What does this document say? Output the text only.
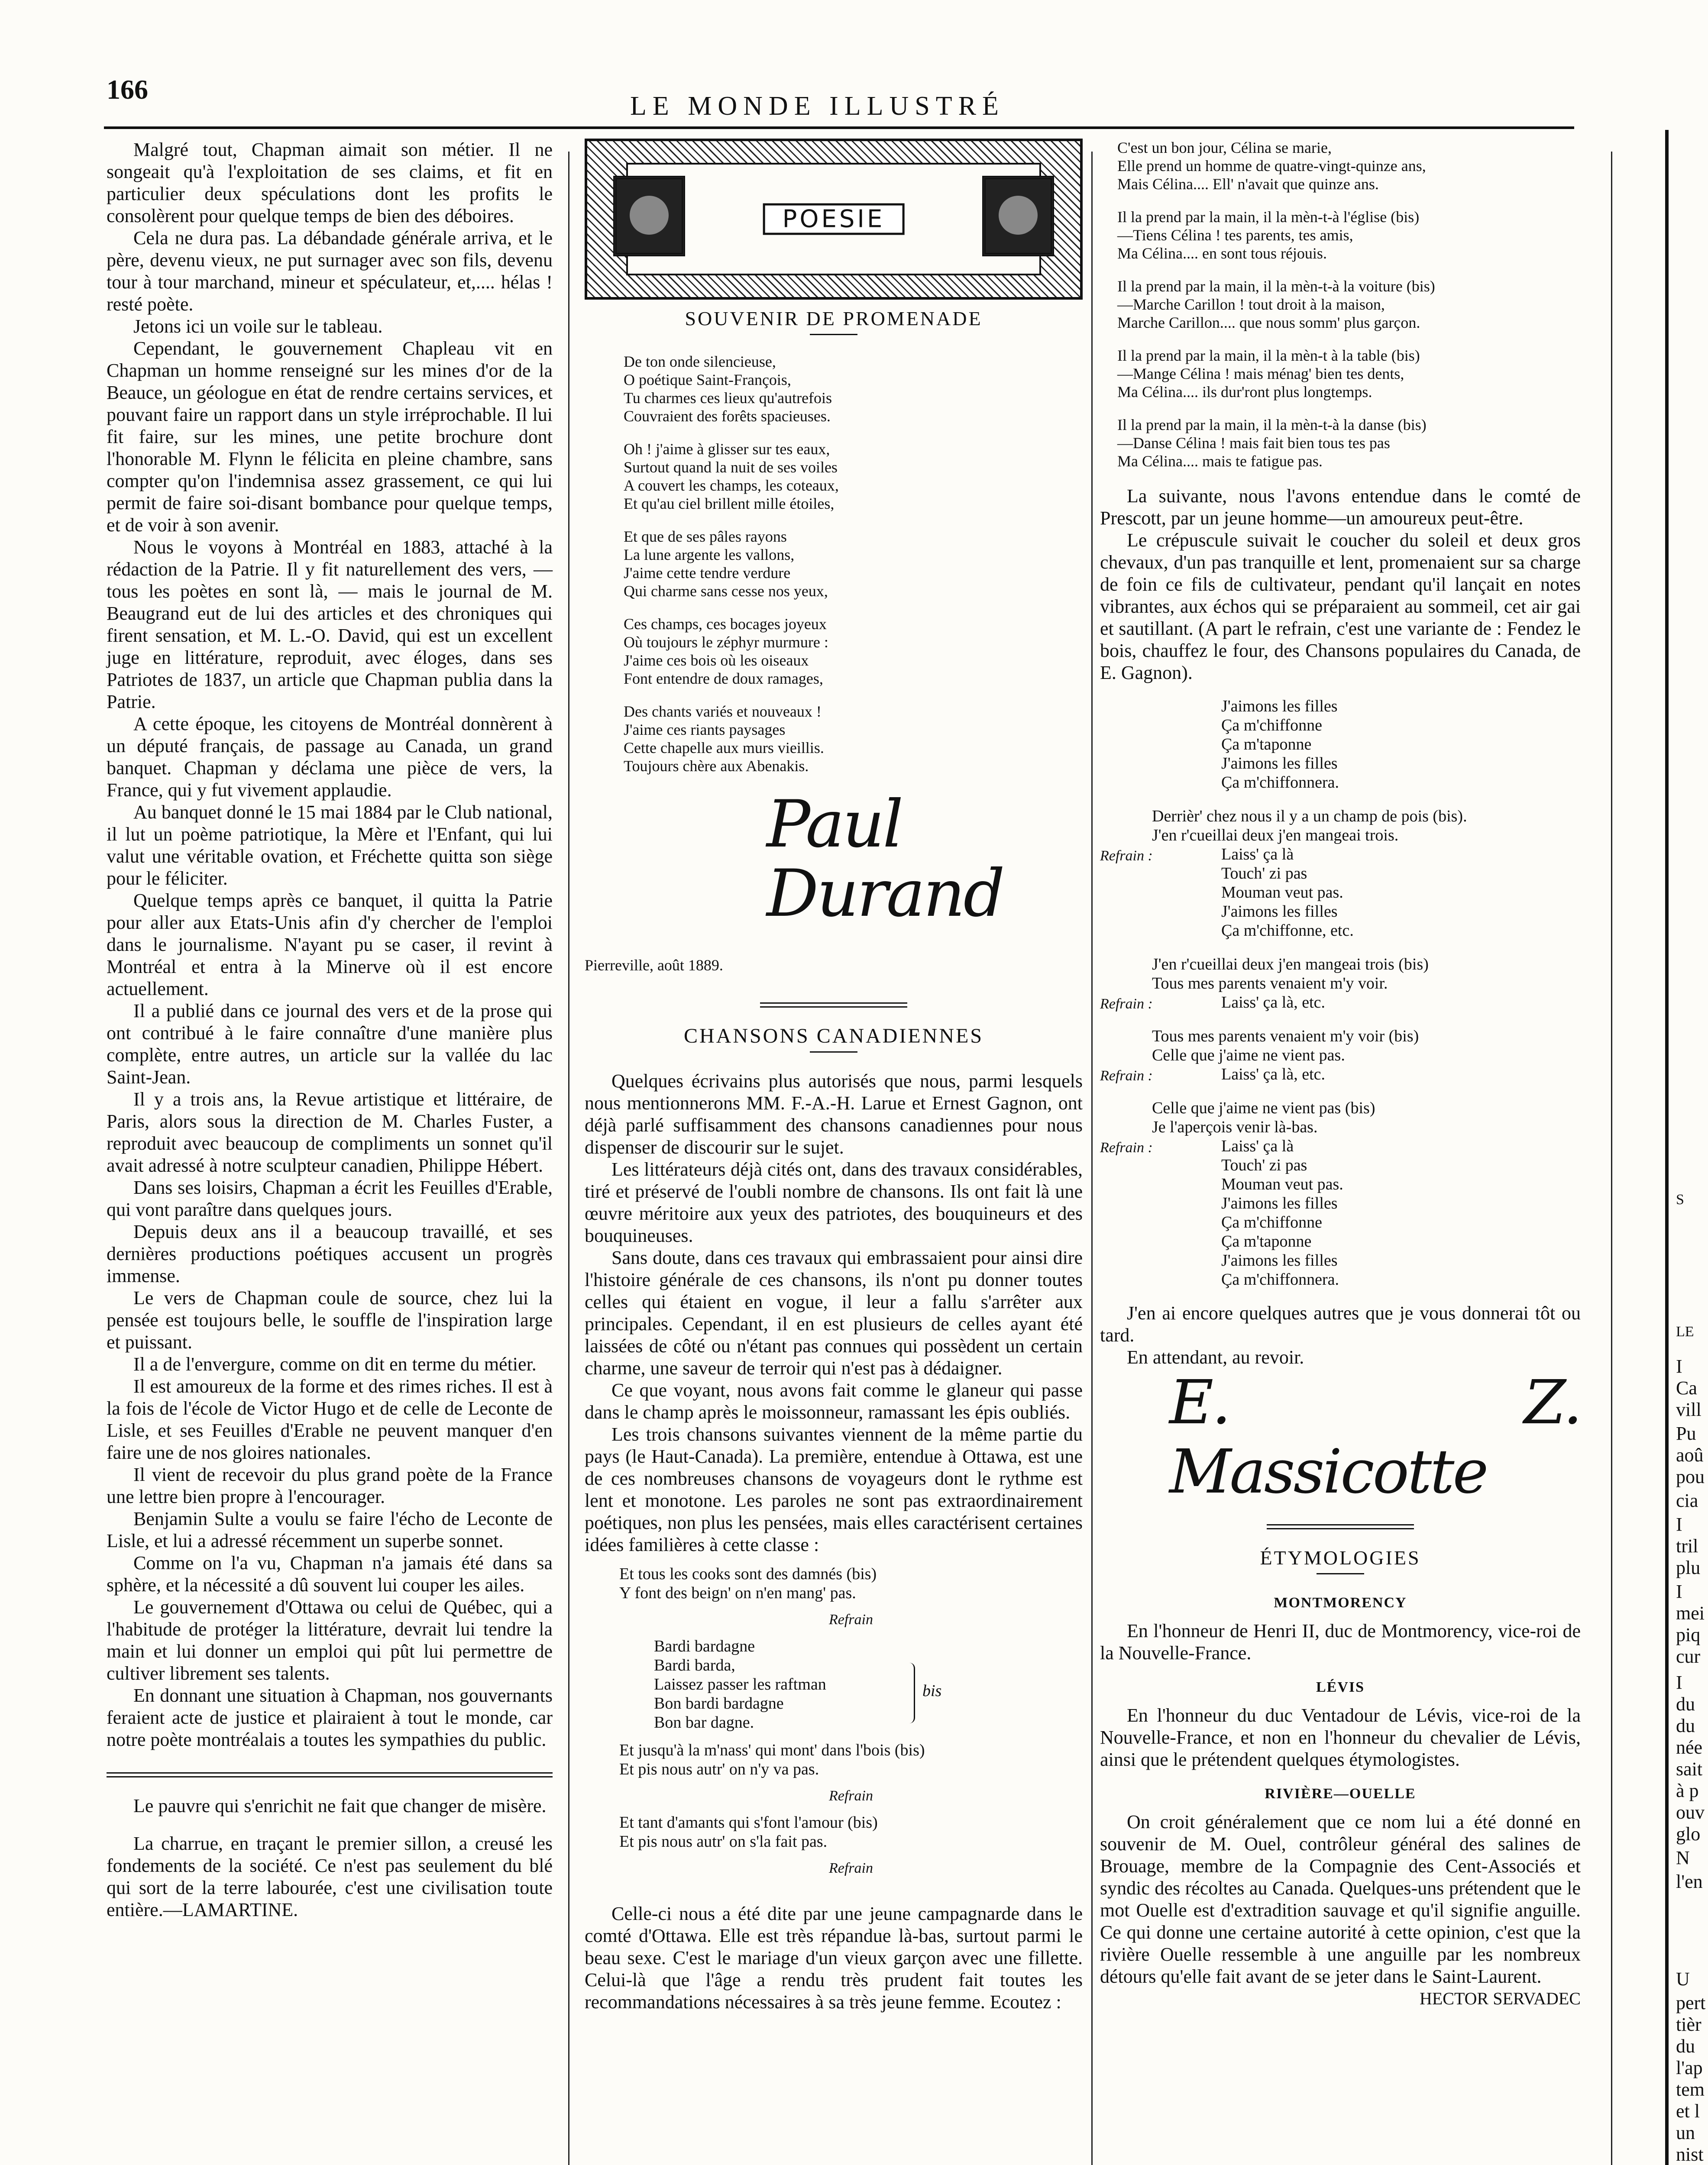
166
LE MONDE ILLUSTRÉ

Malgré tout, Chapman aimait son métier. Il ne songeait qu'à l'exploitation de ses claims, et fit en particulier deux spéculations dont les profits le consolèrent pour quelque temps de bien des déboires.

Cela ne dura pas. La débandade générale arriva, et le père, devenu vieux, ne put surnager avec son fils, devenu tour à tour marchand, mineur et spéculateur, et,.... hélas ! resté poète.

Jetons ici un voile sur le tableau.

Cependant, le gouvernement Chapleau vit en Chapman un homme renseigné sur les mines d'or de la Beauce, un géologue en état de rendre certains services, et pouvant faire un rapport dans un style irréprochable. Il lui fit faire, sur les mines, une petite brochure dont l'honorable M. Flynn le félicita en pleine chambre, sans compter qu'on l'indemnisa assez grassement, ce qui lui permit de faire soi-disant bombance pour quelque temps, et de voir à son avenir.

Nous le voyons à Montréal en 1883, attaché à la rédaction de la Patrie. Il y fit naturellement des vers, — tous les poètes en sont là, — mais le journal de M. Beaugrand eut de lui des articles et des chroniques qui firent sensation, et M. L.-O. David, qui est un excellent juge en littérature, reproduit, avec éloges, dans ses Patriotes de 1837, un article que Chapman publia dans la Patrie.

A cette époque, les citoyens de Montréal donnèrent à un député français, de passage au Canada, un grand banquet. Chapman y déclama une pièce de vers, la France, qui y fut vivement applaudie.

Au banquet donné le 15 mai 1884 par le Club national, il lut un poème patriotique, la Mère et l'Enfant, qui lui valut une véritable ovation, et Fréchette quitta son siège pour le féliciter.

Quelque temps après ce banquet, il quitta la Patrie pour aller aux Etats-Unis afin d'y chercher de l'emploi dans le journalisme. N'ayant pu se caser, il revint à Montréal et entra à la Minerve où il est encore actuellement.

Il a publié dans ce journal des vers et de la prose qui ont contribué à le faire connaître d'une manière plus complète, entre autres, un article sur la vallée du lac Saint-Jean.

Il y a trois ans, la Revue artistique et littéraire, de Paris, alors sous la direction de M. Charles Fuster, a reproduit avec beaucoup de compliments un sonnet qu'il avait adressé à notre sculpteur canadien, Philippe Hébert.

Dans ses loisirs, Chapman a écrit les Feuilles d'Erable, qui vont paraître dans quelques jours.

Depuis deux ans il a beaucoup travaillé, et ses dernières productions poétiques accusent un progrès immense.

Le vers de Chapman coule de source, chez lui la pensée est toujours belle, le souffle de l'inspiration large et puissant.

Il a de l'envergure, comme on dit en terme du métier.

Il est amoureux de la forme et des rimes riches. Il est à la fois de l'école de Victor Hugo et de celle de Leconte de Lisle, et ses Feuilles d'Erable ne peuvent manquer d'en faire une de nos gloires nationales.

Il vient de recevoir du plus grand poète de la France une lettre bien propre à l'encourager.

Benjamin Sulte a voulu se faire l'écho de Leconte de Lisle, et lui a adressé récemment un superbe sonnet.

Comme on l'a vu, Chapman n'a jamais été dans sa sphère, et la nécessité a dû souvent lui couper les ailes.

Le gouvernement d'Ottawa ou celui de Québec, qui a l'habitude de protéger la littérature, devrait lui tendre la main et lui donner un emploi qui pût lui permettre de cultiver librement ses talents.

En donnant une situation à Chapman, nos gouvernants feraient acte de justice et plairaient à tout le monde, car notre poète montréalais a toutes les sympathies du public.

Le pauvre qui s'enrichit ne fait que changer de misère.

La charrue, en traçant le premier sillon, a creusé les fondements de la société. Ce n'est pas seulement du blé qui sort de la terre labourée, c'est une civilisation toute entière.—LAMARTINE.

POESIE
SOUVENIR DE PROMENADE
De ton onde silencieuse,
O poétique Saint-François,
Tu charmes ces lieux qu'autrefois
Couvraient des forêts spacieuses.
Oh ! j'aime à glisser sur tes eaux,
Surtout quand la nuit de ses voiles
A couvert les champs, les coteaux,
Et qu'au ciel brillent mille étoiles,
Et que de ses pâles rayons
La lune argente les vallons,
J'aime cette tendre verdure
Qui charme sans cesse nos yeux,
Ces champs, ces bocages joyeux
Où toujours le zéphyr murmure :
J'aime ces bois où les oiseaux
Font entendre de doux ramages,
Des chants variés et nouveaux !
J'aime ces riants paysages
Cette chapelle aux murs vieillis.
Toujours chère aux Abenakis.
Paul Durand
Pierreville, août 1889.
CHANSONS CANADIENNES

Quelques écrivains plus autorisés que nous, parmi lesquels nous mentionnerons MM. F.-A.-H. Larue et Ernest Gagnon, ont déjà parlé suffisamment des chansons canadiennes pour nous dispenser de discourir sur le sujet.

Les littérateurs déjà cités ont, dans des travaux considérables, tiré et préservé de l'oubli nombre de chansons. Ils ont fait là une œuvre méritoire aux yeux des patriotes, des bouquineurs et des bouquineuses.

Sans doute, dans ces travaux qui embrassaient pour ainsi dire l'histoire générale de ces chansons, ils n'ont pu donner toutes celles qui étaient en vogue, il leur a fallu s'arrêter aux principales. Cependant, il en est plusieurs de celles ayant été laissées de côté ou n'étant pas connues qui possèdent un certain charme, une saveur de terroir qui n'est pas à dédaigner.

Ce que voyant, nous avons fait comme le glaneur qui passe dans le champ après le moissonneur, ramassant les épis oubliés.

Les trois chansons suivantes viennent de la même partie du pays (le Haut-Canada). La première, entendue à Ottawa, est une de ces nombreuses chansons de voyageurs dont le rythme est lent et monotone. Les paroles ne sont pas extraordinairement poétiques, non plus les pensées, mais elles caractérisent certaines idées familières à cette classe :

Et tous les cooks sont des damnés (bis)
Y font des beign' on n'en mang' pas.
Refrain
Bardi bardagne
Bardi barda,
Laissez passer les raftman
Bon bardi bardagne
Bon bar dagne.
bis
Et jusqu'à la m'nass' qui mont' dans l'bois (bis)
Et pis nous autr' on n'y va pas.
Refrain
Et tant d'amants qui s'font l'amour (bis)
Et pis nous autr' on s'la fait pas.
Refrain

Celle-ci nous a été dite par une jeune campagnarde dans le comté d'Ottawa. Elle est très répandue là-bas, surtout parmi le beau sexe. C'est le mariage d'un vieux garçon avec une fillette. Celui-là que l'âge a rendu très prudent fait toutes les recommandations nécessaires à sa très jeune femme. Ecoutez :

C'est un bon jour, Célina se marie,
Elle prend un homme de quatre-vingt-quinze ans,
Mais Célina.... Ell' n'avait que quinze ans.
Il la prend par la main, il la mèn-t-à l'église (bis)
—Tiens Célina ! tes parents, tes amis,
Ma Célina.... en sont tous réjouis.
Il la prend par la main, il la mèn-t-à la voiture (bis)
—Marche Carillon ! tout droit à la maison,
Marche Carillon.... que nous somm' plus garçon.
Il la prend par la main, il la mèn-t à la table (bis)
—Mange Célina ! mais ménag' bien tes dents,
Ma Célina.... ils dur'ront plus longtemps.
Il la prend par la main, il la mèn-t-à la danse (bis)
—Danse Célina ! mais fait bien tous tes pas
Ma Célina.... mais te fatigue pas.

La suivante, nous l'avons entendue dans le comté de Prescott, par un jeune homme—un amoureux peut-être.

Le crépuscule suivait le coucher du soleil et deux gros chevaux, d'un pas tranquille et lent, promenaient sur sa charge de foin ce fils de cultivateur, pendant qu'il lançait en notes vibrantes, aux échos qui se préparaient au sommeil, cet air gai et sautillant. (A part le refrain, c'est une variante de : Fendez le bois, chauffez le four, des Chansons populaires du Canada, de E. Gagnon).

J'aimons les filles
Ça m'chiffonne
Ça m'taponne
J'aimons les filles
Ça m'chiffonnera.
Derrièr' chez nous il y a un champ de pois (bis).
J'en r'cueillai deux j'en mangeai trois.
Refrain :	Laiss' ça là
Touch' zi pas
Mouman veut pas.
J'aimons les filles
Ça m'chiffonne, etc.
J'en r'cueillai deux j'en mangeai trois (bis)
Tous mes parents venaient m'y voir.
Refrain :	Laiss' ça là, etc.
Tous mes parents venaient m'y voir (bis)
Celle que j'aime ne vient pas.
Refrain :	Laiss' ça là, etc.
Celle que j'aime ne vient pas (bis)
Je l'aperçois venir là-bas.
Refrain :	Laiss' ça là
Touch' zi pas
Mouman veut pas.
J'aimons les filles
Ça m'chiffonne
Ça m'taponne
J'aimons les filles
Ça m'chiffonnera.

J'en ai encore quelques autres que je vous donnerai tôt ou tard.

En attendant, au revoir.

E. Z. Massicotte
ÉTYMOLOGIES
MONTMORENCY

En l'honneur de Henri II, duc de Montmorency, vice-roi de la Nouvelle-France.

LÉVIS

En l'honneur du duc Ventadour de Lévis, vice-roi de la Nouvelle-France, et non en l'honneur du chevalier de Lévis, ainsi que le prétendent quelques étymologistes.

RIVIÈRE—OUELLE

On croit généralement que ce nom lui a été donné en souvenir de M. Ouel, contrôleur général des salines de Brouage, membre de la Compagnie des Cent-Associés et syndic des récoltes au Canada. Quelques-uns prétendent que le mot Ouelle est d'extradition sauvage et qu'il signifie anguille. Ce qui donne une certaine autorité à cette opinion, c'est que la rivière Ouelle ressemble à une anguille par les nombreux détours qu'elle fait avant de se jeter dans le Saint-Laurent.

HECTOR SERVADEC
S
LE
I
Ca
vill
Pu
aoû
pou
cia
I
tril
plu
I
mei
piq
cur
I
du
du
née
sait
à p
ouv
glo
N
l'en
U
pert
tièr
du
l'ap
tem
et l
un
nist
